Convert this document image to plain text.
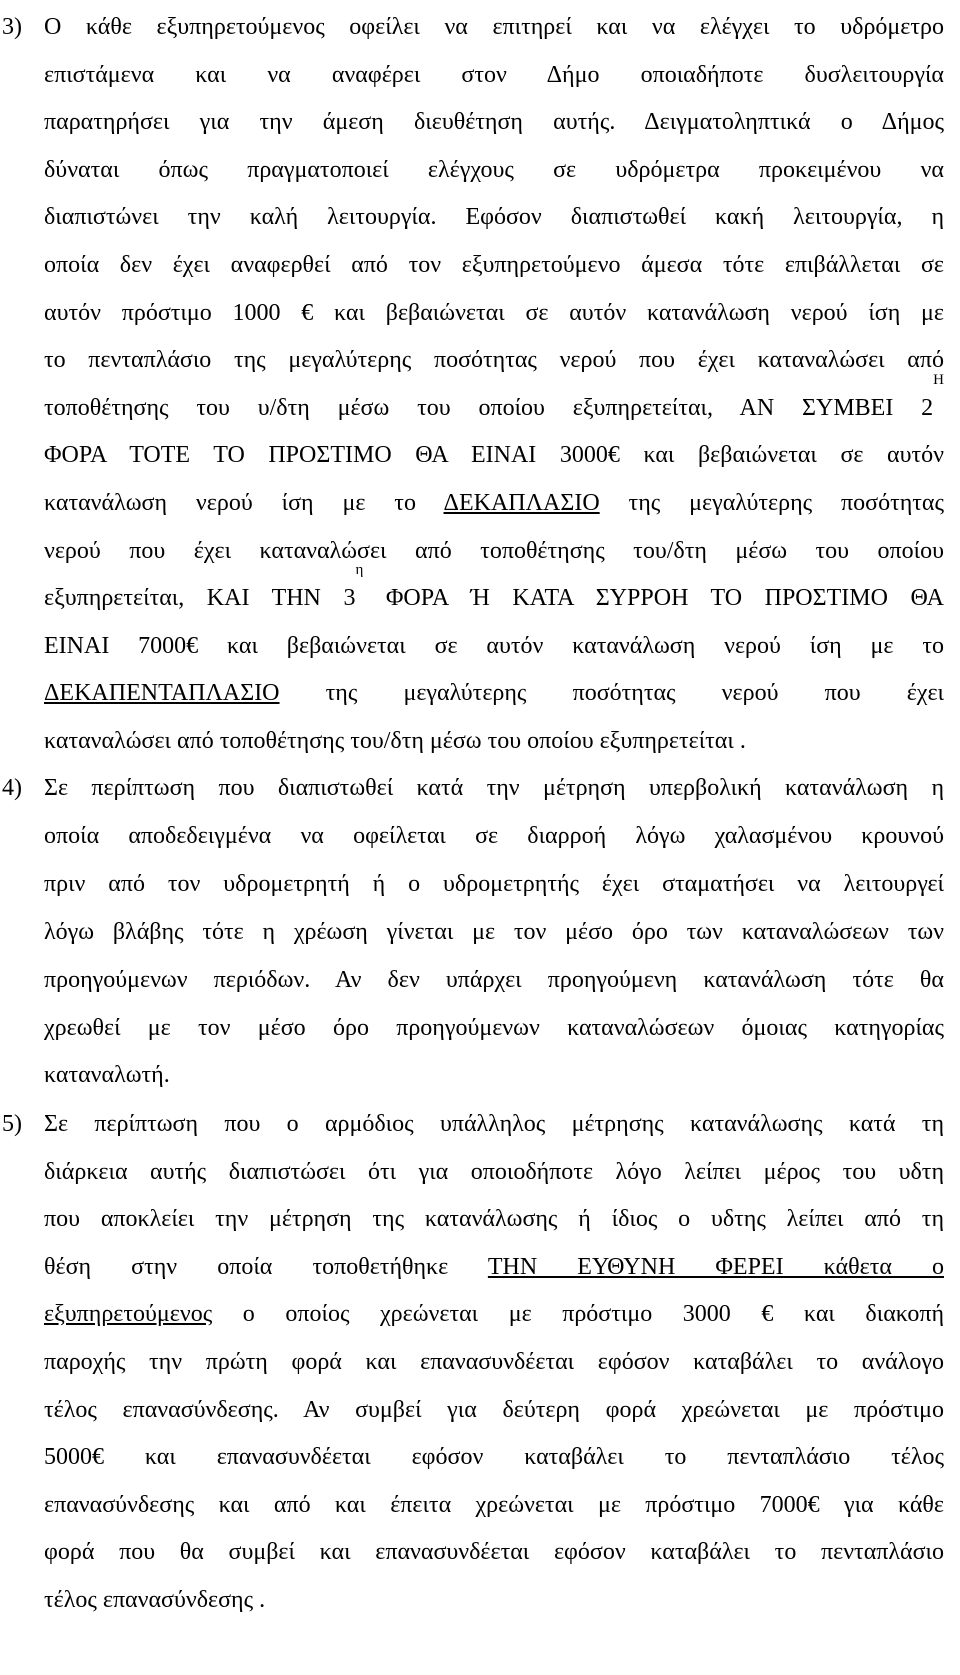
3) Ο κάθε εξυπηρετούμενος οφείλει να επιτηρεί και να ελέγχει το υδρόμετρο
επιστάμενα και να αναφέρει στον Δήμο οποιαδήποτε δυσλειτουργία
παρατηρήσει για την άμεση διευθέτηση αυτής. Δειγματοληπτικά ο Δήμος
δύναται όπως πραγματοποιεί ελέγχους σε υδρόμετρα προκειμένου να
διαπιστώνει την καλή λειτουργία. Εφόσον διαπιστωθεί κακή λειτουργία, η
οποία δεν έχει αναφερθεί από τον εξυπηρετούμενο άμεσα τότε επιβάλλεται σε
αυτόν πρόστιμο 1000 € και βεβαιώνεται σε αυτόν κατανάλωση νερού ίση με
το πενταπλάσιο της μεγαλύτερης ποσότητας νερού που έχει καταναλώσει από
τοποθέτησης του υ/δτη μέσω του οποίου εξυπηρετείται, ΑΝ ΣΥΜΒΕΙ $2^H$
ΦΟΡΑ ΤΟΤΕ ΤΟ ΠΡΟΣΤΙΜΟ ΘΑ ΕΙΝΑΙ 3000€ και βεβαιώνεται σε αυτόν
κατανάλωση νερού ίση με το ΔΕΚΑΠΛΑΣΙΟ της μεγαλύτερης ποσότητας
νερού που έχει καταναλώσει από τοποθέτησης του/δτη μέσω του οποίου
εξυπηρετείται, ΚΑΙ ΤΗΝ $3^\eta$ ΦΟΡΑ Ή ΚΑΤΑ ΣΥΡΡΟΗ ΤΟ ΠΡΟΣΤΙΜΟ ΘΑ
ΕΙΝΑΙ 7000€ και βεβαιώνεται σε αυτόν κατανάλωση νερού ίση με το
ΔΕΚΑΠΕΝΤΑΠΛΑΣΙΟ της μεγαλύτερης ποσότητας νερού που έχει
καταναλώσει από τοποθέτησης του/δτη μέσω του οποίου εξυπηρετείται .
4) Σε περίπτωση που διαπιστωθεί κατά την μέτρηση υπερβολική κατανάλωση η
οποία αποδεδειγμένα να οφείλεται σε διαρροή λόγω χαλασμένου κρουνού
πριν από τον υδρομετρητή ή ο υδρομετρητής έχει σταματήσει να λειτουργεί
λόγω βλάβης τότε η χρέωση γίνεται με τον μέσο όρο των καταναλώσεων των
προηγούμενων περιόδων. Αν δεν υπάρχει προηγούμενη κατανάλωση τότε θα
χρεωθεί με τον μέσο όρο προηγούμενων καταναλώσεων όμοιας κατηγορίας
καταναλωτή.
5) Σε περίπτωση που ο αρμόδιος υπάλληλος μέτρησης κατανάλωσης κατά τη
διάρκεια αυτής διαπιστώσει ότι για οποιοδήποτε λόγο λείπει μέρος του υδτη
που αποκλείει την μέτρηση της κατανάλωσης ή ίδιος ο υδτης λείπει από τη
θέση στην οποία τοποθετήθηκε ΤΗΝ ΕΥΘΥΝΗ ΦΕΡΕΙ κάθετα ο
εξυπηρετούμενος ο οποίος χρεώνεται με πρόστιμο 3000 € και διακοπή
παροχής την πρώτη φορά και επανασυνδέεται εφόσον καταβάλει το ανάλογο
τέλος επανασύνδεσης. Αν συμβεί για δεύτερη φορά χρεώνεται με πρόστιμο
5000€ και επανασυνδέεται εφόσον καταβάλει το πενταπλάσιο τέλος
επανασύνδεσης και από και έπειτα χρεώνεται με πρόστιμο 7000€ για κάθε
φορά που θα συμβεί και επανασυνδέεται εφόσον καταβάλει το πενταπλάσιο
τέλος επανασύνδεσης .
